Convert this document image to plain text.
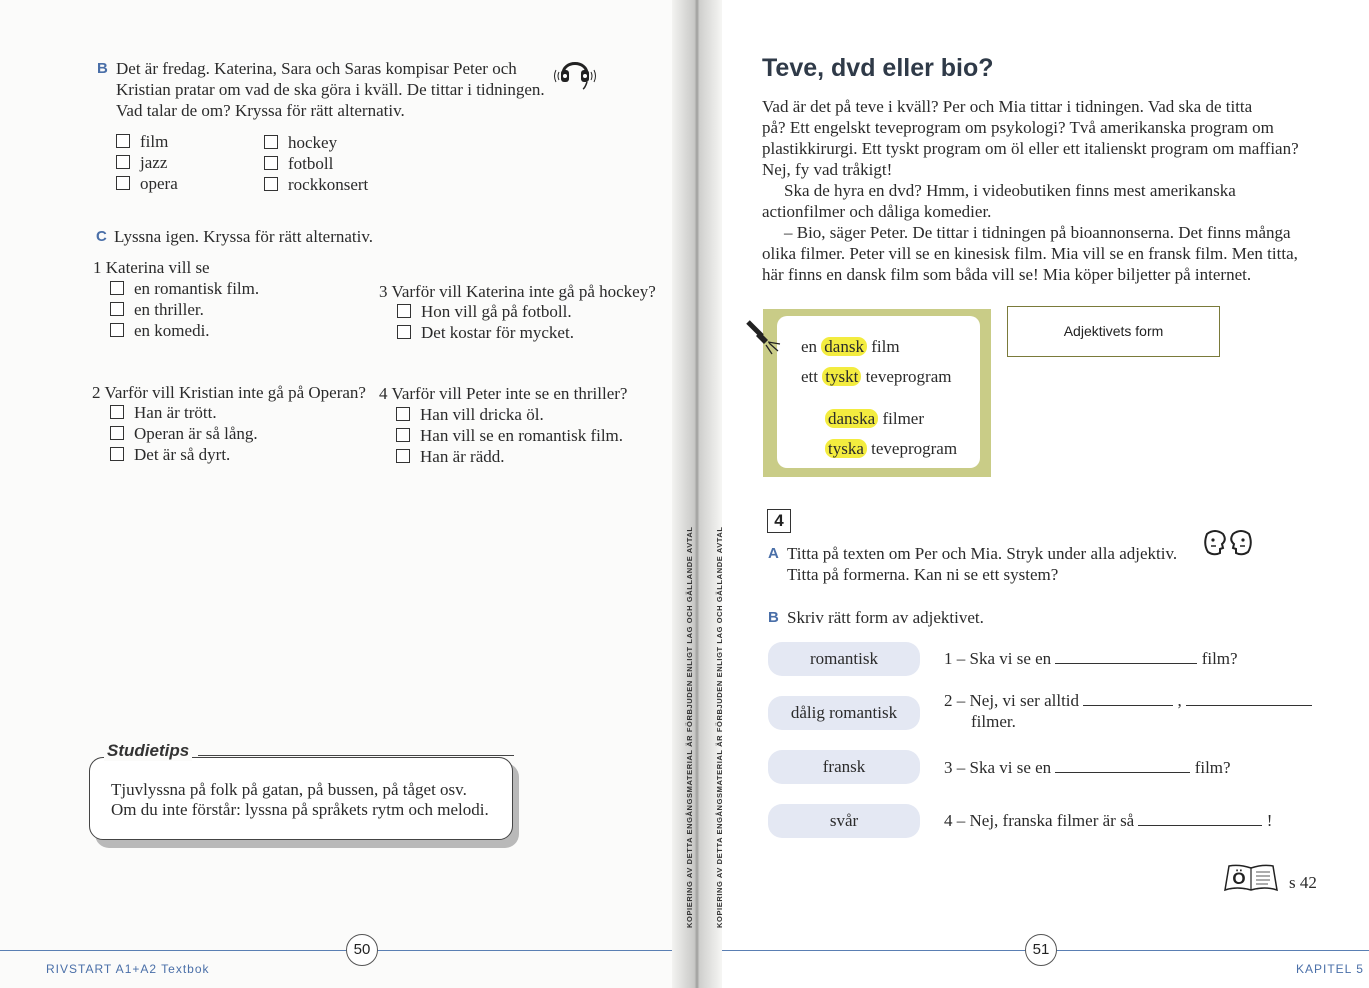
B Det är fredag. Katerina, Sara och Saras kompisar Peter och
Kristian pratar om vad de ska göra i kväll. De tittar i tidningen.
Vad talar de om? Kryssa för rätt alternativ.
film
jazz
opera
hockey
fotboll
rockkonsert
C Lyssna igen. Kryssa för rätt alternativ.
1 Katerina vill se
en romantisk film.
en thriller.
en komedi.
3 Varför vill Katerina inte gå på hockey?
Hon vill gå på fotboll.
Det kostar för mycket.
2 Varför vill Kristian inte gå på Operan?
Han är trött.
Operan är så lång.
Det är så dyrt.
4 Varför vill Peter inte se en thriller?
Han vill dricka öl.
Han vill se en romantisk film.
Han är rädd.
Tjuvlyssna på folk på gatan, på bussen, på tåget osv.
Om du inte förstår: lyssna på språkets rytm och melodi.
Studietips
50
RIVSTART A1+A2 Textbok
KOPIERING AV DETTA ENGÅNGSMATERIAL ÄR FÖRBJUDEN ENLIGT LAG OCH GÄLLANDE AVTAL	KOPIERING AV DETTA ENGÅNGSMATERIAL ÄR FÖRBJUDEN ENLIGT LAG OCH GÄLLANDE AVTAL
Teve, dvd eller bio?
Vad är det på teve i kväll? Per och Mia tittar i tidningen. Vad ska de titta
på? Ett engelskt teveprogram om psykologi? Två amerikanska program om
plastikkirurgi. Ett tyskt program om öl eller ett italienskt program om maffian?
Nej, fy vad tråkigt!
Ska de hyra en dvd? Hmm, i videobutiken finns mest amerikanska
actionfilmer och dåliga komedier.
– Bio, säger Peter. De tittar i tidningen på bioannonserna. Det finns många
olika filmer. Peter vill se en kinesisk film. Mia vill se en fransk film. Men titta,
här finns en dansk film som båda vill se! Mia köper biljetter på internet.
en dansk film
ett tyskt teveprogram
danska filmer
tyska teveprogram
Adjektivets form
4
A Titta på texten om Per och Mia. Stryk under alla adjektiv.
Titta på formerna. Kan ni se ett system?
B Skriv rätt form av adjektivet.
romantisk
dålig romantisk
fransk
svår
1 – Ska vi se en	film?
2 – Nej, vi ser alltid	,
filmer.
3 – Ska vi se en	film?
4 – Nej, franska filmer är så	!
Ö	s 42
51
KAPITEL 5
